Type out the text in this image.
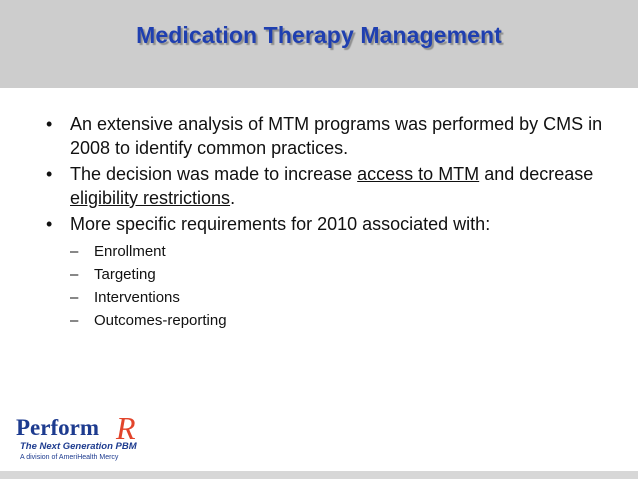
Medication Therapy Management
• An extensive analysis of MTM programs was performed by CMS in 2008 to identify common practices.
• The decision was made to increase access to MTM and decrease eligibility restrictions.
• More specific requirements for 2010 associated with:
– Enrollment
– Targeting
– Interventions
– Outcomes-reporting
Perform R
The Next Generation PBM
A division of AmeriHealth Mercy
